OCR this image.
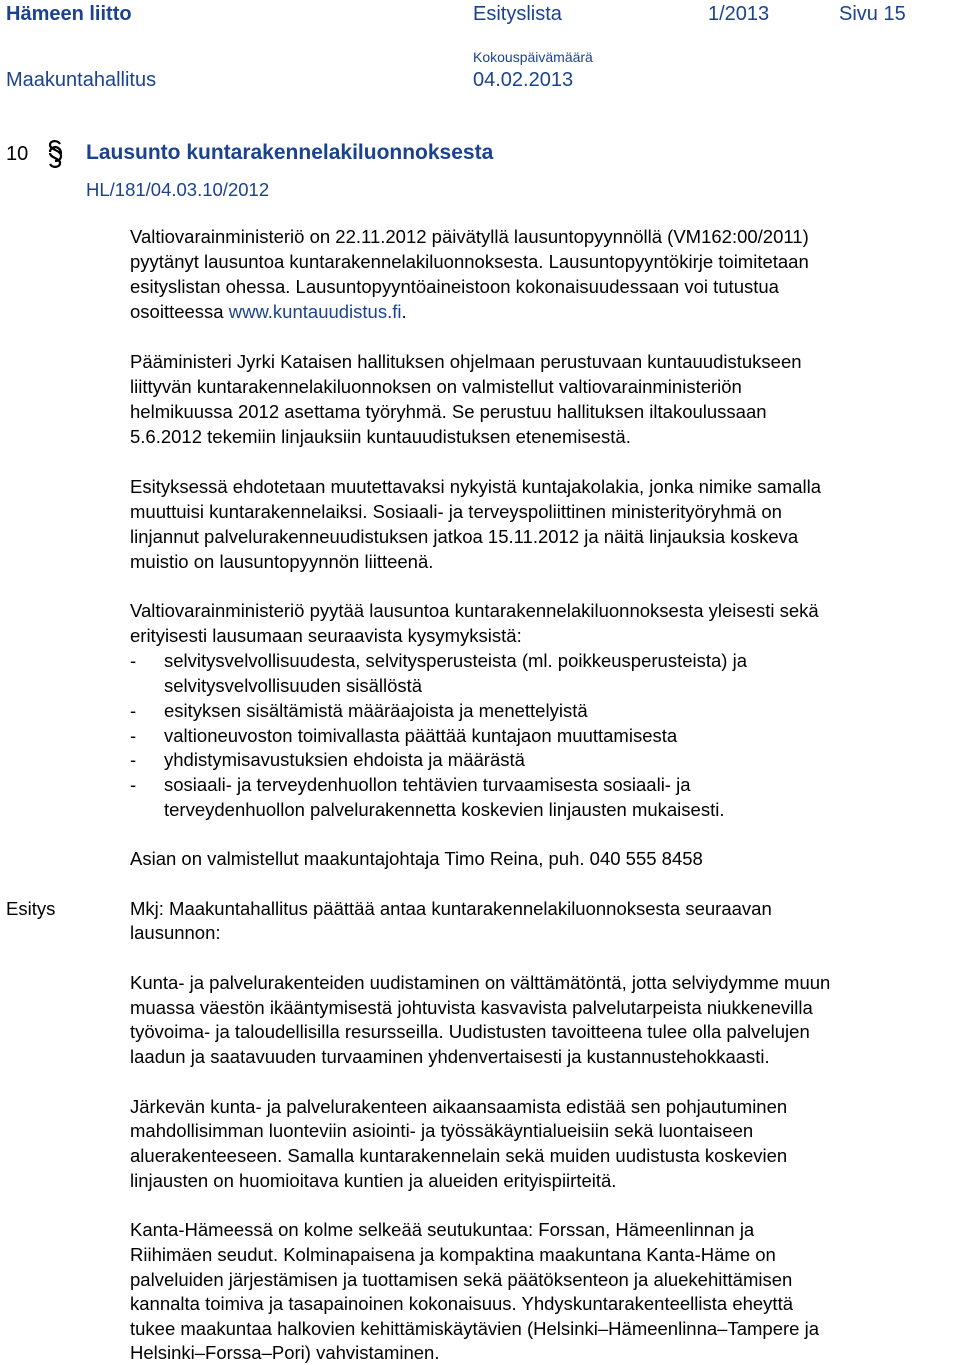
Hämeen liitto	Esityslista	1/2013	Sivu 15
Kokouspäivämäärä
Maakuntahallitus	04.02.2013
10	Lausunto kuntarakennelakiluonnoksesta
HL/181/04.03.10/2012
Valtiovarainministeriö on 22.11.2012 päivätyllä lausuntopyynnöllä (VM162:00/2011)
pyytänyt lausuntoa kuntarakennelakiluonnoksesta. Lausuntopyyntökirje toimitetaan
esityslistan ohessa. Lausuntopyyntöaineistoon kokonaisuudessaan voi tutustua
osoitteessa www.kuntauudistus.fi.
Pääministeri Jyrki Kataisen hallituksen ohjelmaan perustuvaan kuntauudistukseen
liittyvän kuntarakennelakiluonnoksen on valmistellut valtiovarainministeriön
helmikuussa 2012 asettama työryhmä. Se perustuu hallituksen iltakoulussaan
5.6.2012 tekemiin linjauksiin kuntauudistuksen etenemisestä.
Esityksessä ehdotetaan muutettavaksi nykyistä kuntajakolakia, jonka nimike samalla
muuttuisi kuntarakennelaiksi. Sosiaali- ja terveyspoliittinen ministerityöryhmä on
linjannut palvelurakenneuudistuksen jatkoa 15.11.2012 ja näitä linjauksia koskeva
muistio on lausuntopyynnön liitteenä.
Valtiovarainministeriö pyytää lausuntoa kuntarakennelakiluonnoksesta yleisesti sekä
erityisesti lausumaan seuraavista kysymyksistä:
- selvitysvelvollisuudesta, selvitysperusteista (ml. poikkeusperusteista) ja
selvitysvelvollisuuden sisällöstä
- esityksen sisältämistä määräajoista ja menettelyistä
- valtioneuvoston toimivallasta päättää kuntajaon muuttamisesta
- yhdistymisavustuksien ehdoista ja määrästä
- sosiaali- ja terveydenhuollon tehtävien turvaamisesta sosiaali- ja
terveydenhuollon palvelurakennetta koskevien linjausten mukaisesti.
Asian on valmistellut maakuntajohtaja Timo Reina, puh. 040 555 8458
Esitys	Mkj: Maakuntahallitus päättää antaa kuntarakennelakiluonnoksesta seuraavan
lausunnon:
Kunta- ja palvelurakenteiden uudistaminen on välttämätöntä, jotta selviydymme muun
muassa väestön ikääntymisestä johtuvista kasvavista palvelutarpeista niukkenevilla
työvoima- ja taloudellisilla resursseilla. Uudistusten tavoitteena tulee olla palvelujen
laadun ja saatavuuden turvaaminen yhdenvertaisesti ja kustannustehokkaasti.
Järkevän kunta- ja palvelurakenteen aikaansaamista edistää sen pohjautuminen
mahdollisimman luonteviin asiointi- ja työssäkäyntialueisiin sekä luontaiseen
aluerakenteeseen. Samalla kuntarakennelain sekä muiden uudistusta koskevien
linjausten on huomioitava kuntien ja alueiden erityispiirteitä.
Kanta-Hämeessä on kolme selkeää seutukuntaa: Forssan, Hämeenlinnan ja
Riihimäen seudut. Kolminapaisena ja kompaktina maakuntana Kanta-Häme on
palveluiden järjestämisen ja tuottamisen sekä päätöksenteon ja aluekehittämisen
kannalta toimiva ja tasapainoinen kokonaisuus. Yhdyskuntarakenteellista eheyttä
tukee maakuntaa halkovien kehittämiskäytävien (Helsinki–Hämeenlinna–Tampere ja
Helsinki–Forssa–Pori) vahvistaminen.
